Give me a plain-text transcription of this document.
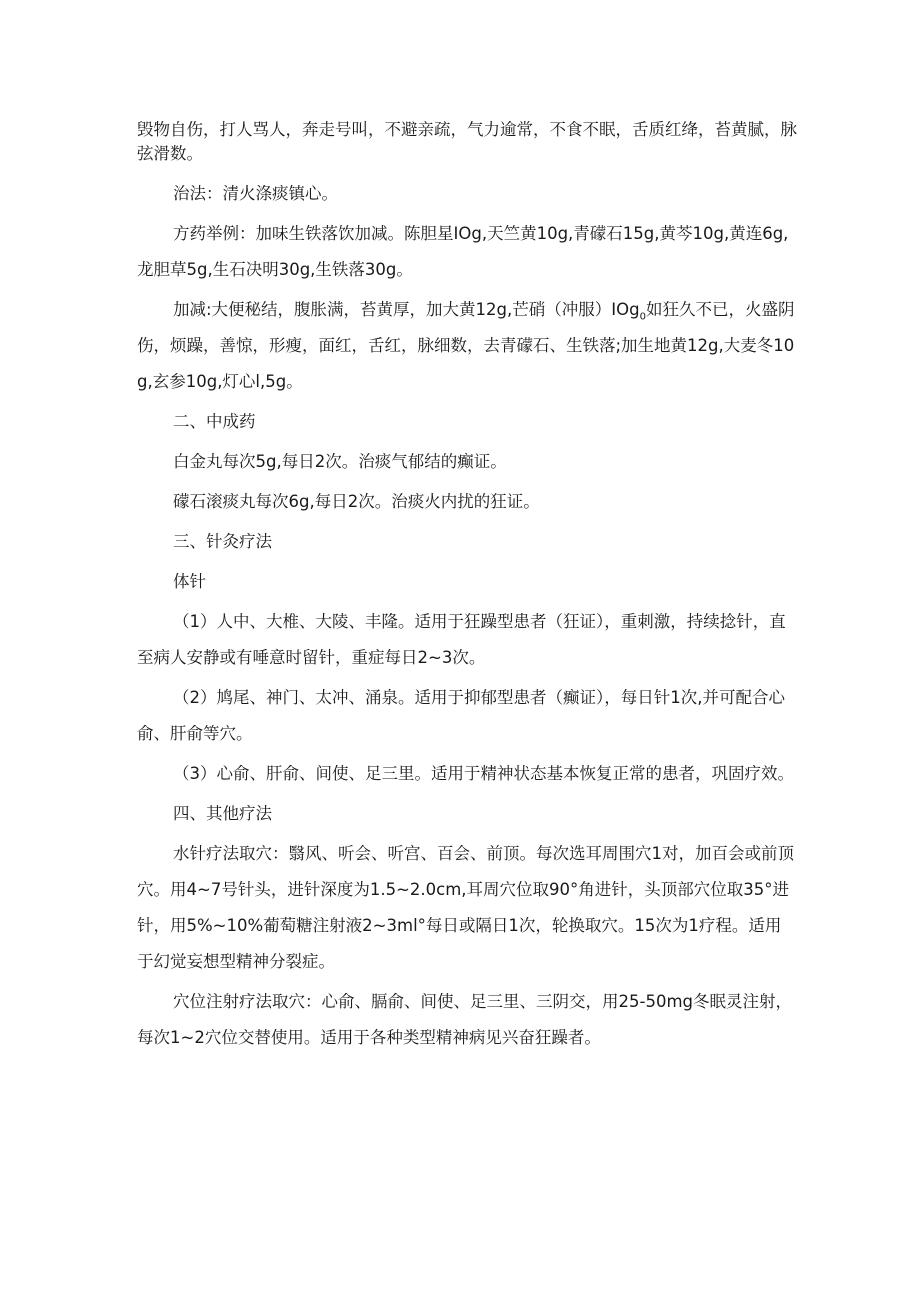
毁物自伤，打人骂人，奔走号叫，不避亲疏，气力逾常，不食不眠，舌质红绛，苔黄腻，脉弦滑数。

治法：清火涤痰镇心。

方药举例：加味生铁落饮加减。陈胆星IOg,天竺黄10g,青礞石15g,黄芩10g,黄连6g,龙胆草5g,生石决明30g,生铁落30g。

加减:大便秘结，腹胀满，苔黄厚，加大黄12g,芒硝（冲服）IOg$_0$如狂久不已，火盛阴伤，烦躁，善惊，形瘦，面红，舌红，脉细数，去青礞石、生铁落;加生地黄12g,大麦冬10g,玄参10g,灯心l,5g。

二、中成药

白金丸每次5g,每日2次。治痰气郁结的癫证。

礞石滚痰丸每次6g,每日2次。治痰火内扰的狂证。

三、针灸疗法

体针

（1）人中、大椎、大陵、丰隆。适用于狂躁型患者（狂证），重刺激，持续捻针，直至病人安静或有唾意时留针，重症每日2~3次。

（2）鸠尾、神门、太冲、涌泉。适用于抑郁型患者（癫证），每日针1次,并可配合心俞、肝俞等穴。

（3）心俞、肝俞、间使、足三里。适用于精神状态基本恢复正常的患者，巩固疗效。

四、其他疗法

水针疗法取穴：翳风、听会、听宫、百会、前顶。每次选耳周围穴1对，加百会或前顶穴。用4~7号针头，进针深度为1.5~2.0cm,耳周穴位取90°角进针，头顶部穴位取35°进针，用5%~10%葡萄糖注射液2~3ml°每日或隔日1次，轮换取穴。15次为1疗程。适用于幻觉妄想型精神分裂症。

穴位注射疗法取穴：心俞、膈俞、间使、足三里、三阴交，用25-50mg冬眠灵注射，每次1~2穴位交替使用。适用于各种类型精神病见兴奋狂躁者。
